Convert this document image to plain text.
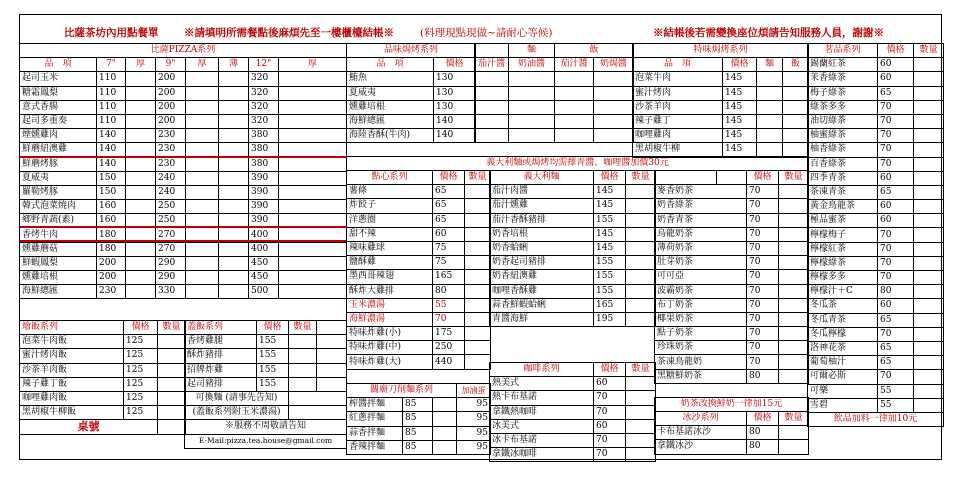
比薩茶坊內用點餐單 ※請填明所需餐點後麻煩先至一樓櫃檯結帳※ (料理現點現做~請耐心等候)	※結帳後若需變換座位煩請告知服務人員，謝謝※
比薩PIZZA系列							
品　項	7"	厚	9"	厚	薄	12"	厚
起司玉米	110		200			320	
糖霜鳳梨	110		200			320	
意式香腸	110		200			320	
起司多重奏	110		200			320	
煙燻雞肉	140		230			380	
鮮蘑紐澳雞	140		230			380	
鮮蘑烤豚	140		230			380	
夏威夷	150		240			390	
羅勒烤豚	150		240			390	
韓式泡菜燒肉	160		250			390	
鄉野青蔬(素)	160		250			390	
香烤牛肉	180		270			400	
燻雞蘑菇	180		270			400	
鮮蝦鳳梨	200		290			450	
燻雞培根	200		290			450	
海鮮總匯	230		330			500	
燴飯系列	價格	數量
泡菜牛肉飯	125	
蜜汁烤肉飯	125	
沙茶羊肉飯	125	
辣子雞丁飯	125	
咖哩雞肉飯	125	
黑胡椒牛柳飯	125	
桌號		

蓋飯系列	價格	數量	
香烤雞腿	155		
酥炸豬排	155		
招牌炸雞	155		
起司豬排	155		
可換麵 (請事先告知)			
(蓋飯系列附玉米濃湯)			
※服務不周敬請告知			
E-Mail:pizza.tea.house@gmail.com			
品味焗烤系列	
品　項	價格
鮪魚	130
夏威夷	130
燻雞培根	130
海鮮總匯	140
海陸香酥(牛肉)	140
	麵	飯	
茄汁醬	奶油醬	茄汁醬	奶焗醬

特味焗烤系列			
品　項	價格	麵	飯
泡菜牛肉	145		
蜜汁烤肉	145		
沙茶羊肉	145		
辣子雞丁	145		
咖哩雞肉	145		
黑胡椒牛柳	145		
義大利麵或焗烤均需擇青醬、咖哩醬加價30元
點心系列	價格	數量
薯條	65	
炸餃子	65	
洋蔥圈	65	
甜不辣	60	
辣味雞球	75	
鹽酥雞	75	
墨西哥辣翅	165	
酥炸大雞排	80	
玉米濃湯	55	
海鮮濃湯	70	
特味炸雞(小)	175	
特味炸雞(中)	250	
特味炸雞(大)	440	
義大利麵	價格	數量
茄汁肉醬	145	
茄汁燻雞	145	
茄汁香酥豬排	155	
奶香培根	145	
奶香蛤蜊	145	
奶香起司豬排	155	
奶香紐澳雞	155	
咖哩香酥雞	155	
蒜香鮮蝦蛤蜊	165	
青醬海鮮	195	
		價格	數量
麥香奶茶		70	
奶香綠茶		70	
奶香青茶		70	
烏龍奶茶		70	
薄荷奶茶		70	
肚芽奶茶		70	
可可亞		70	
波霸奶茶		70	
布丁奶茶		70	
椰果奶茶		70	
點子奶茶		70	
珍珠奶茶		70	
茶凍鳥龍奶		70	
黑糖鮮奶茶		80	
咖啡系列	價格	數量
熱美式	60	
熱卡布基諾	70	
拿鐵熱咖啡	70	
冰美式	60	
冰卡布基諾	70	
拿鐵冰咖啡	70	
關廟刀削麵系列			加滷蛋
榨醬拌麵	85		95
紅蔥拌麵	85		95
蒜香拌麵	85		95
香辣拌麵	85		95
奶茶改換鮮奶一律加15元
冰沙系列	價格	數量
卡布基諾冰沙	80	
拿鐵冰沙	80	
茗品系列	價格	數量
錫蘭紅茶	60	
茉香綠茶	60	
梅子綠茶	65	
綠茶多多	70	
油切綠茶	70	
柚蜜綠茶	70	
柚香綠茶	70	
百香綠茶	70	
四季青茶	60	
茶凍青茶	65	
黃金鳥龍茶	60	
極品蜜茶	60	
檸檬梅子	70	
檸檬紅茶	70	
檸檬綠茶	70	
檸檬多多	70	
檸檬汁＋C	80	
冬瓜茶	60	
冬瓜青茶	65	
冬瓜檸檬	70	
洛神花茶	65	
葡萄柚汁	65	
可爾必斯	70	
可樂	55	
雪碧	55	
飲品加料一律加10元		
